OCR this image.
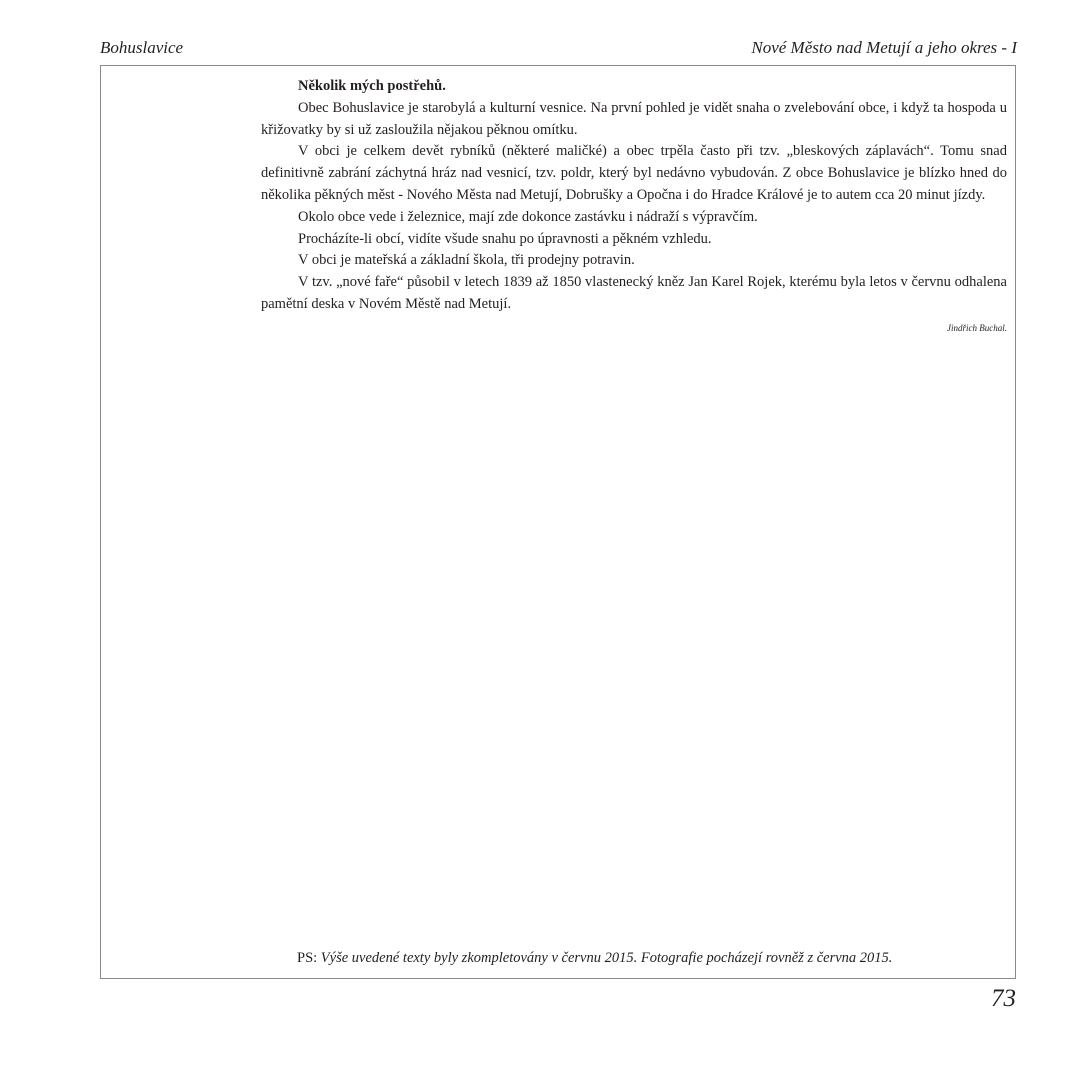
Bohuslavice	Nové Město nad Metují a jeho okres - I

Několik mých postřehů.

Obec Bohuslavice je starobylá a kulturní vesnice. Na první pohled je vidět snaha o zvelebování obce, i když ta hospoda u křižovatky by si už zasloužila nějakou pěknou omítku.

V obci je celkem devět rybníků (některé maličké) a obec trpěla často při tzv. „bleskových záplavách“. Tomu snad definitivně zabrání záchytná hráz nad vesnicí, tzv. poldr, který byl nedávno vybudován. Z obce Bohuslavice je blízko hned do několika pěkných měst - Nového Města nad Metují, Dobrušky a Opočna i do Hradce Králové je to autem cca 20 minut jízdy.

Okolo obce vede i železnice, mají zde dokonce zastávku i nádraží s výpravčím.

Procházíte-li obcí, vidíte všude snahu po úpravnosti a pěkném vzhledu.

V obci je mateřská a základní škola, tři prodejny potravin.

V tzv. „nové faře“ působil v letech 1839 až 1850 vlastenecký kněz Jan Karel Rojek, kterému byla letos v červnu odhalena pamětní deska v Novém Městě nad Metují.

Jindřich Buchal.
PS: Výše uvedené texty byly zkompletovány v červnu 2015. Fotografie pocházejí rovněž z června 2015.
73
